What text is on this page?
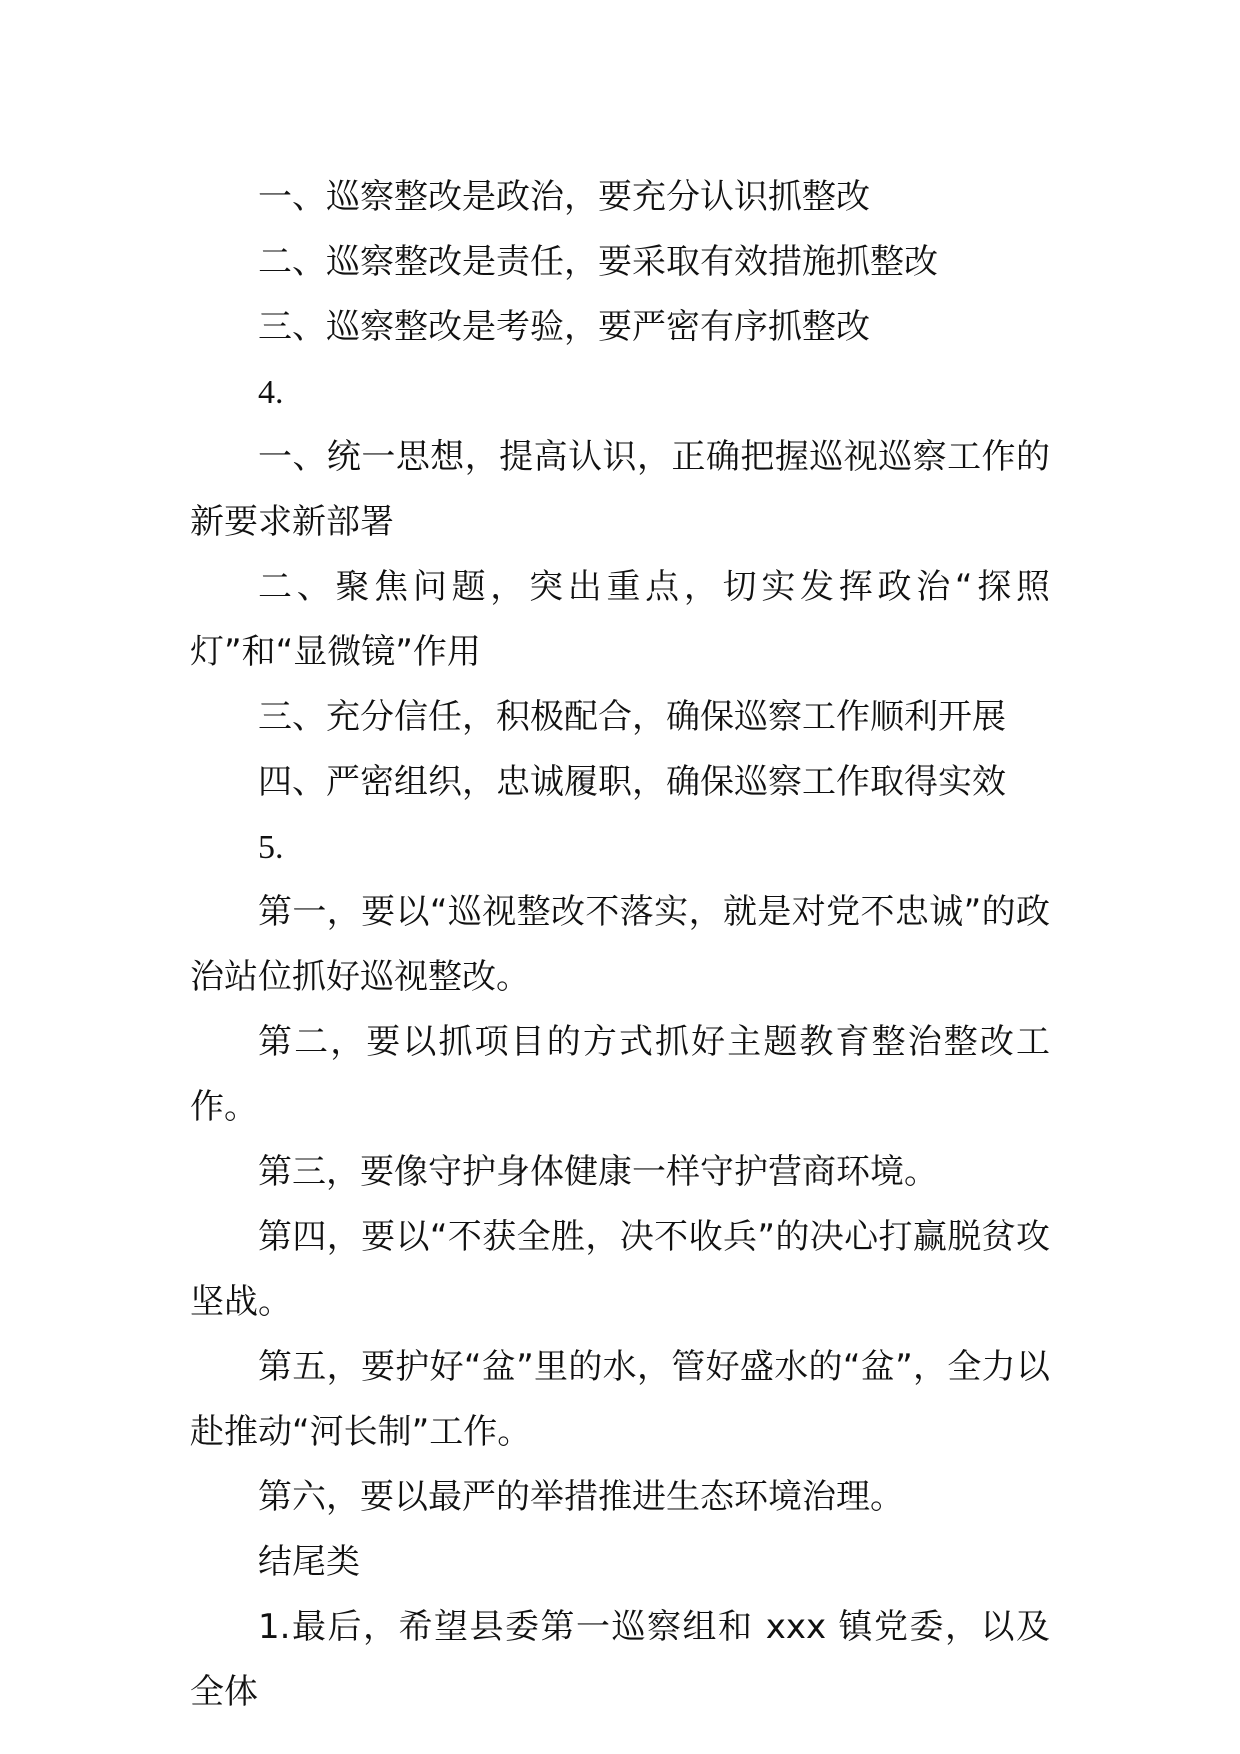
一、巡察整改是政治，要充分认识抓整改

二、巡察整改是责任，要采取有效措施抓整改

三、巡察整改是考验，要严密有序抓整改

4.

一、统一思想，提高认识，正确把握巡视巡察工作的新要求新部署

二、聚焦问题，突出重点，切实发挥政治“探照灯”和“显微镜”作用

三、充分信任，积极配合，确保巡察工作顺利开展

四、严密组织，忠诚履职，确保巡察工作取得实效

5.

第一，要以“巡视整改不落实，就是对党不忠诚”的政治站位抓好巡视整改。

第二，要以抓项目的方式抓好主题教育整治整改工作。

第三，要像守护身体健康一样守护营商环境。

第四，要以“不获全胜，决不收兵”的决心打赢脱贫攻坚战。

第五，要护好“盆”里的水，管好盛水的“盆”，全力以赴推动“河长制”工作。

第六，要以最严的举措推进生态环境治理。

结尾类

1.最后，希望县委第一巡察组和 xxx 镇党委，以及全体
